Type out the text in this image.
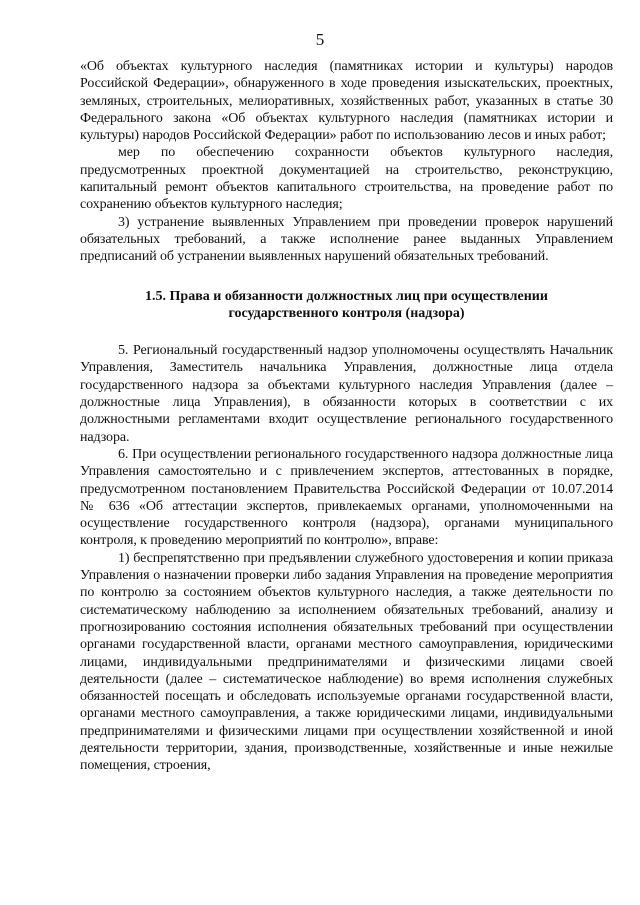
5

«Об объектах культурного наследия (памятниках истории и культуры) народов Российской Федерации», обнаруженного в ходе проведения изыскательских, проектных, земляных, строительных, мелиоративных, хозяйственных работ, указанных в статье 30 Федерального закона «Об объектах культурного наследия (памятниках истории и культуры) народов Российской Федерации» работ по использованию лесов и иных работ;

мер по обеспечению сохранности объектов культурного наследия, предусмотренных проектной документацией на строительство, реконструкцию, капитальный ремонт объектов капитального строительства, на проведение работ по сохранению объектов культурного наследия;

3) устранение выявленных Управлением при проведении проверок нарушений обязательных требований, а также исполнение ранее выданных Управлением предписаний об устранении выявленных нарушений обязательных требований.

1.5. Права и обязанности должностных лиц при осуществлении
государственного контроля (надзора)

5. Региональный государственный надзор уполномочены осуществлять Начальник Управления, Заместитель начальника Управления, должностные лица отдела государственного надзора за объектами культурного наследия Управления (далее – должностные лица Управления), в обязанности которых в соответствии с их должностными регламентами входит осуществление регионального государственного надзора.

6. При осуществлении регионального государственного надзора должностные лица Управления самостоятельно и с привлечением экспертов, аттестованных в порядке, предусмотренном постановлением Правительства Российской Федерации от 10.07.2014 № 636 «Об аттестации экспертов, привлекаемых органами, уполномоченными на осуществление государственного контроля (надзора), органами муниципального контроля, к проведению мероприятий по контролю», вправе:

1) беспрепятственно при предъявлении служебного удостоверения и копии приказа Управления о назначении проверки либо задания Управления на проведение мероприятия по контролю за состоянием объектов культурного наследия, а также деятельности по систематическому наблюдению за исполнением обязательных требований, анализу и прогнозированию состояния исполнения обязательных требований при осуществлении органами государственной власти, органами местного самоуправления, юридическими лицами, индивидуальными предпринимателями и физическими лицами своей деятельности (далее – систематическое наблюдение) во время исполнения служебных обязанностей посещать и обследовать используемые органами государственной власти, органами местного самоуправления, а также юридическими лицами, индивидуальными предпринимателями и физическими лицами при осуществлении хозяйственной и иной деятельности территории, здания, производственные, хозяйственные и иные нежилые помещения, строения,
